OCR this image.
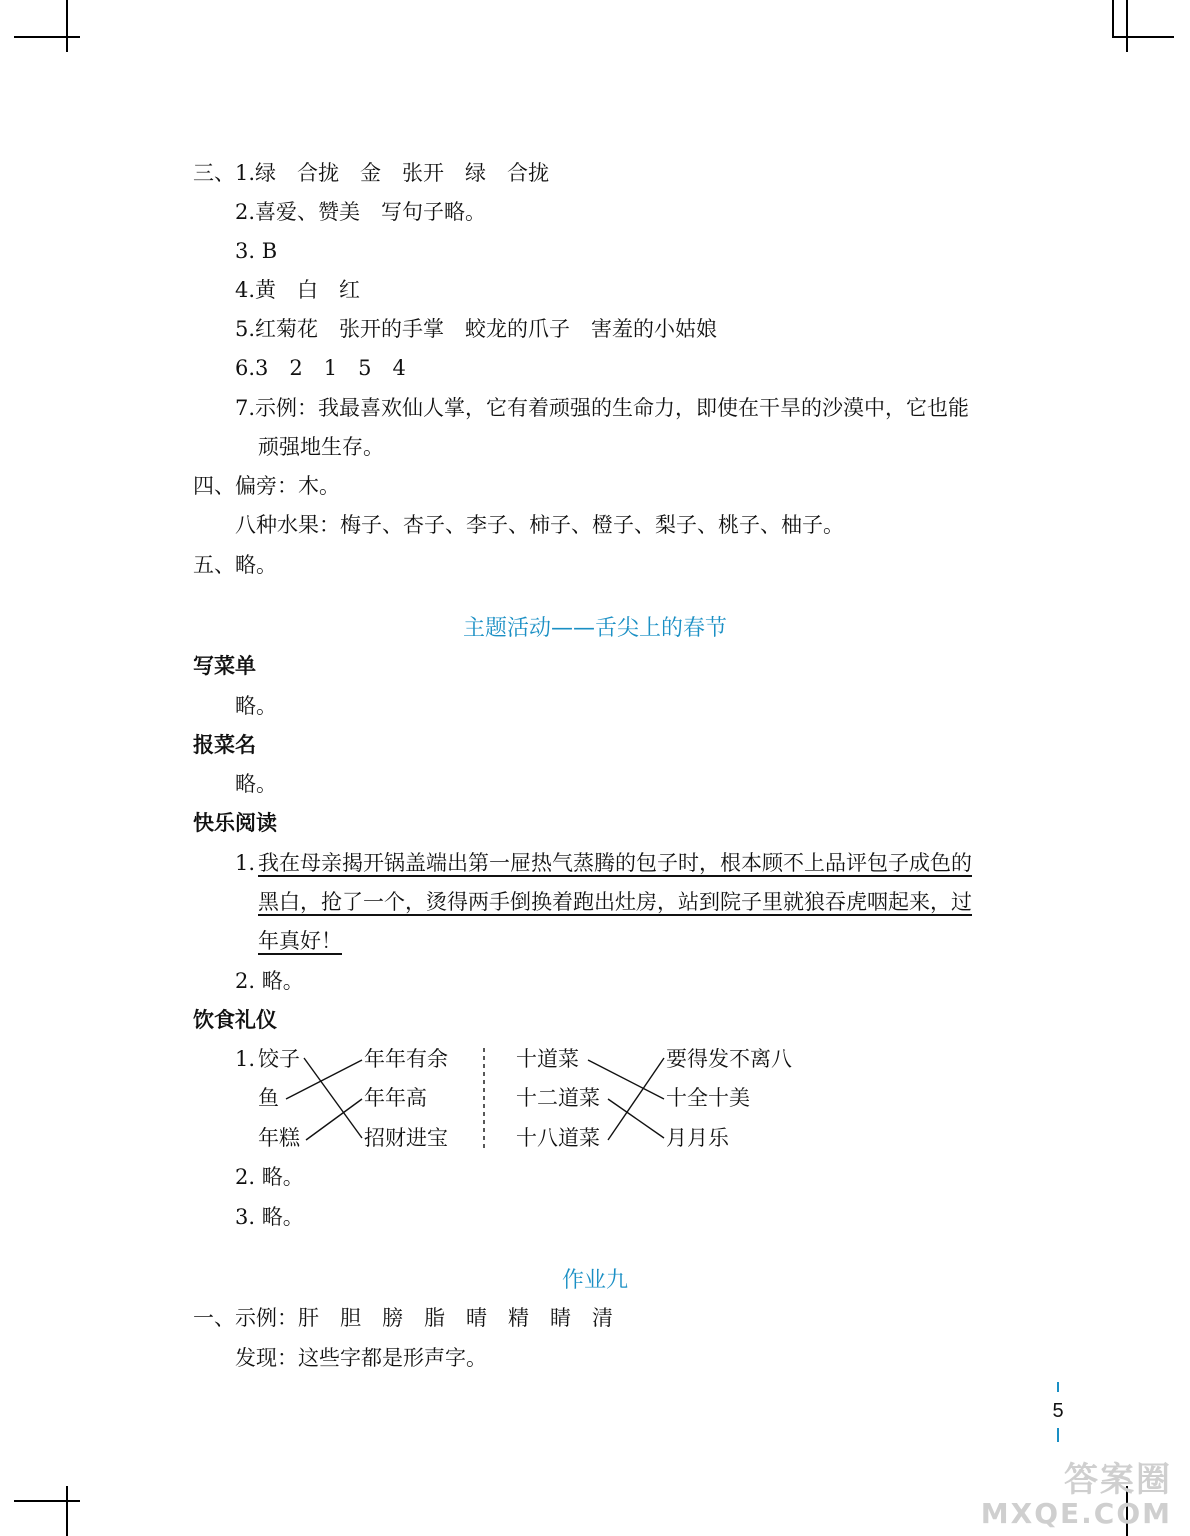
三、1.绿　合拢　金　张开　绿　合拢
2.喜爱、赞美　写句子略。
3. B
4.黄　白　红
5.红菊花　张开的手掌　蛟龙的爪子　害羞的小姑娘
6.3　2　1　5　4
7.示例：我最喜欢仙人掌，它有着顽强的生命力，即使在干旱的沙漠中，它也能
顽强地生存。
四、偏旁：木。
八种水果：梅子、杏子、李子、柿子、橙子、梨子、桃子、柚子。
五、略。
主题活动——舌尖上的春节
写菜单
略。
报菜名
略。
快乐阅读
1. 我在母亲揭开锅盖端出第一屉热气蒸腾的包子时，根本顾不上品评包子成色的
黑白，抢了一个，烫得两手倒换着跑出灶房，站到院子里就狼吞虎咽起来，过
年真好！
2. 略。
饮食礼仪
1. 饺子
鱼
年糕
年年有余
年年高
招财进宝
十道菜
十二道菜
十八道菜
要得发不离八
十全十美
月月乐
2. 略。
3. 略。
作业九
一、示例：肝　胆　膀　脂　晴　精　睛　清
发现：这些字都是形声字。
5
答案圈
MXQE.COM
